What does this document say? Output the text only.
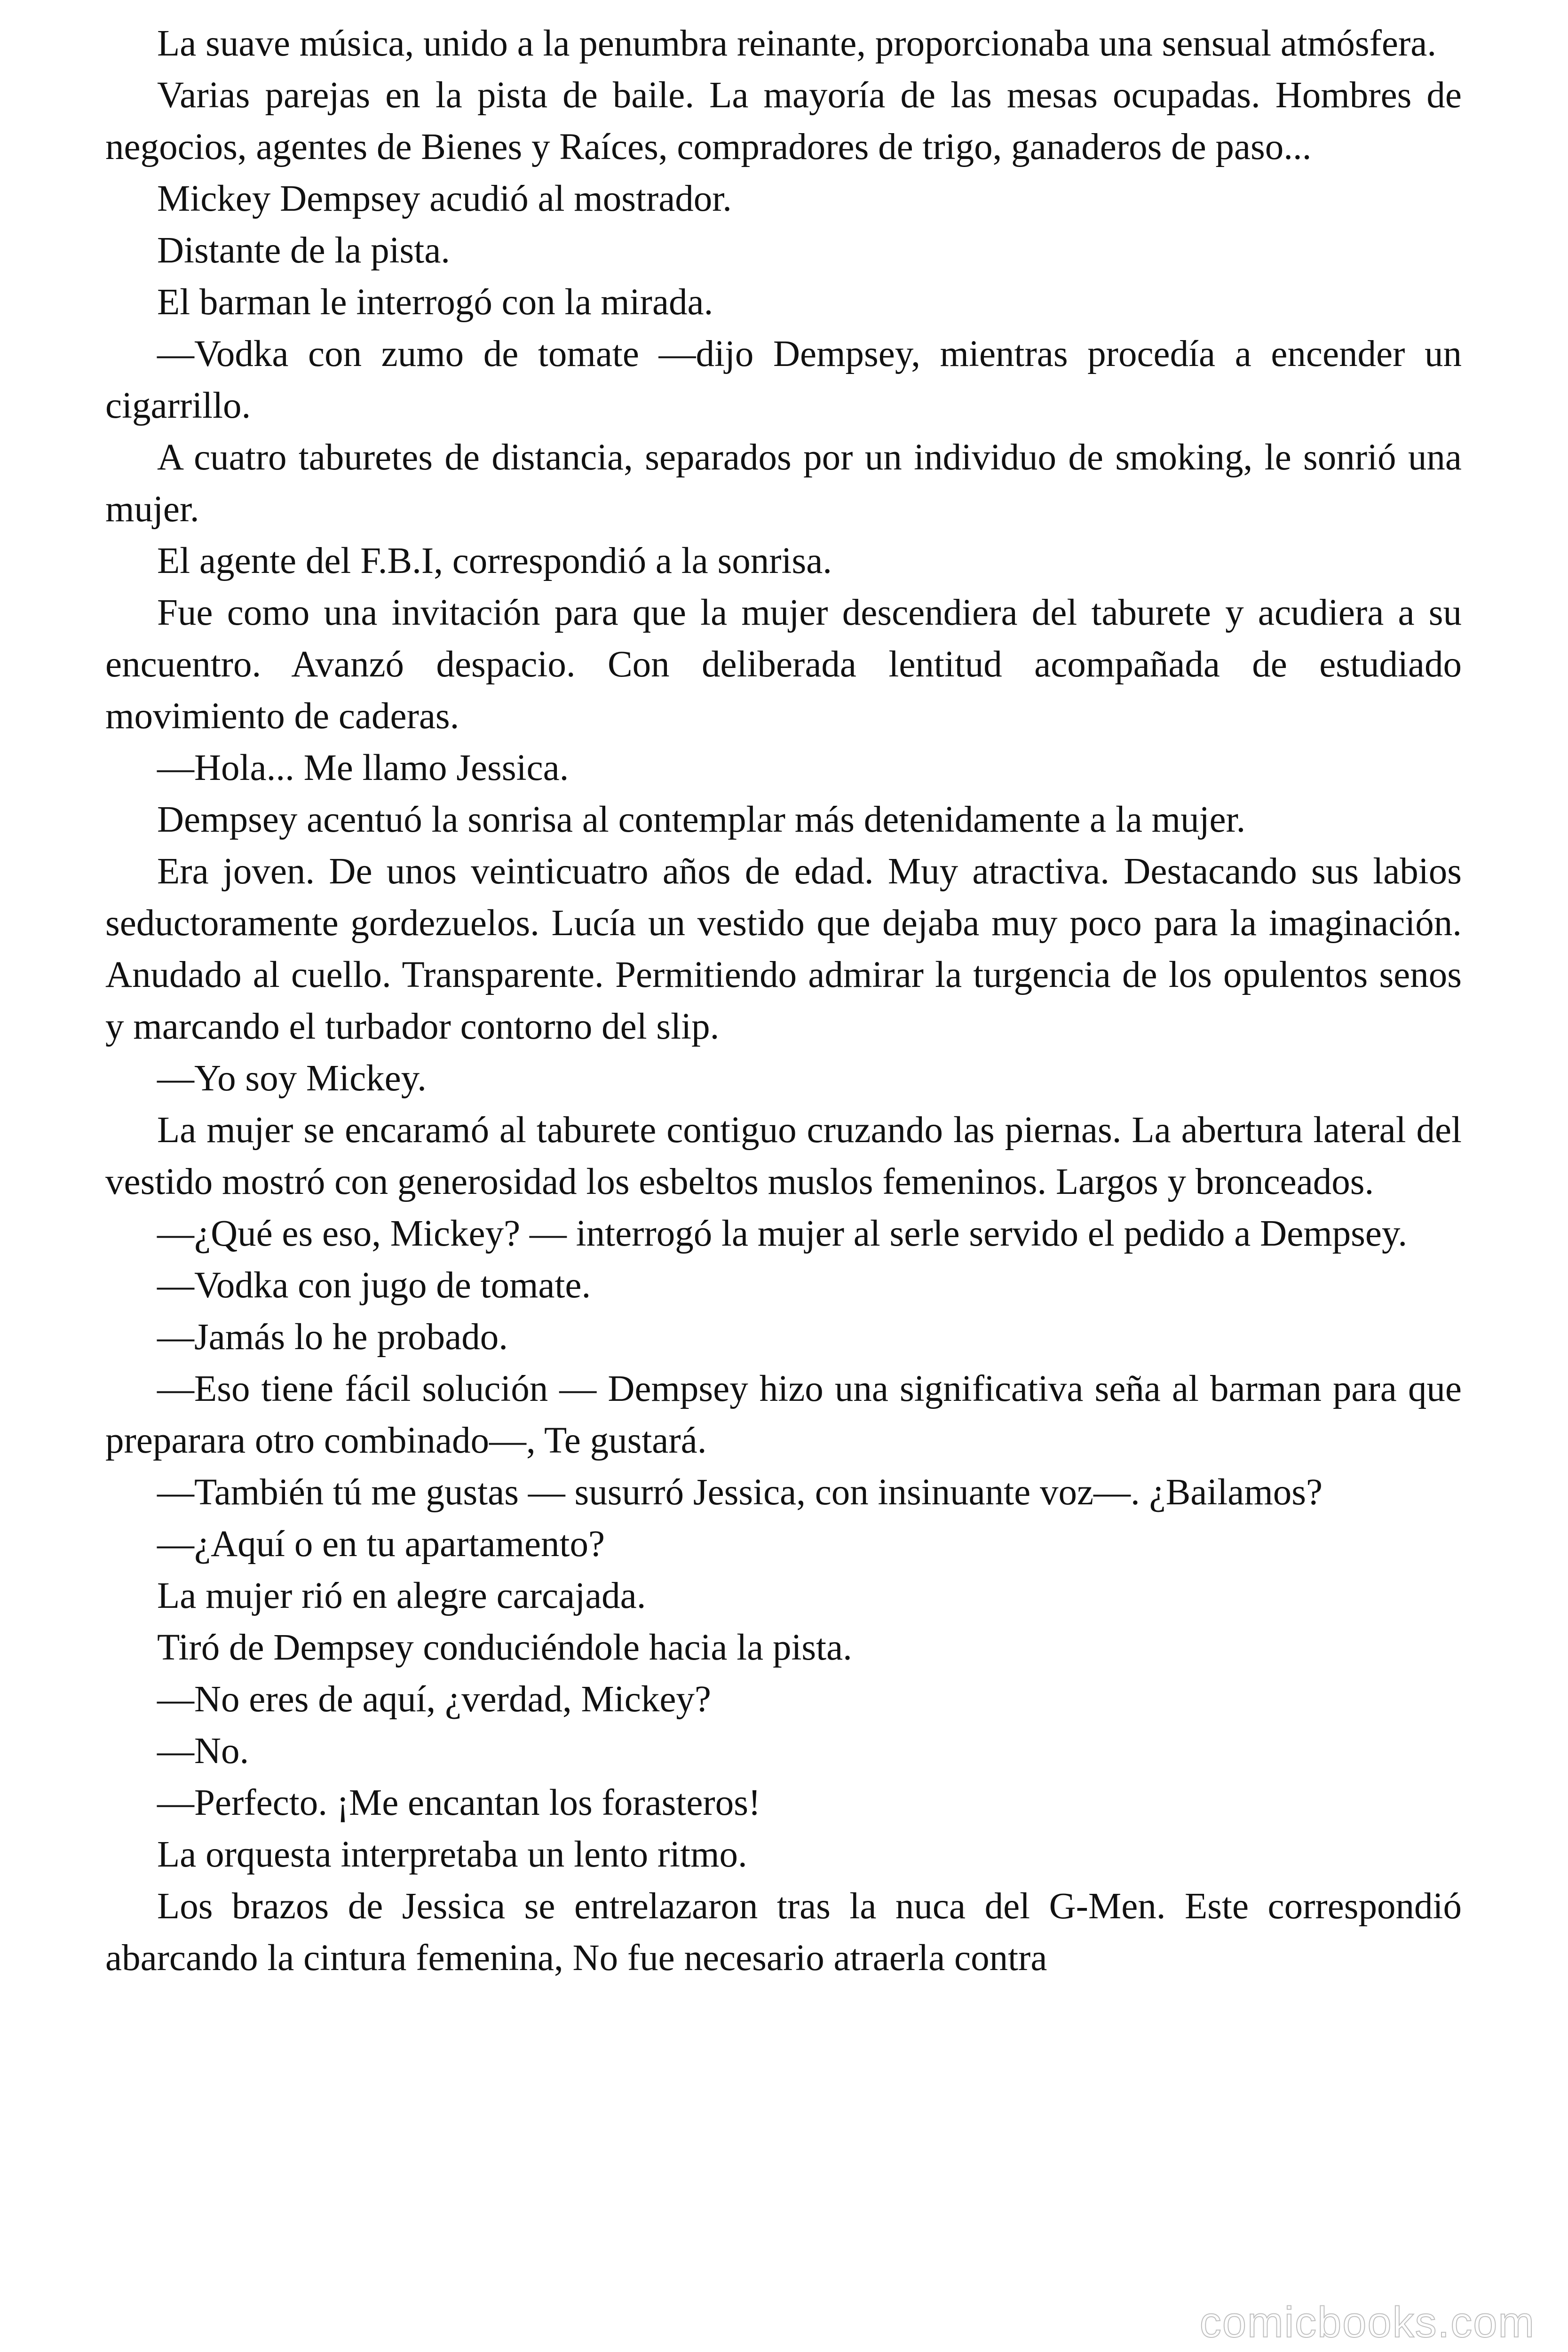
La suave música, unido a la penumbra reinante, proporcionaba una sensual atmósfera.

Varias parejas en la pista de baile. La mayoría de las mesas ocupadas. Hombres de negocios, agentes de Bienes y Raíces, compradores de trigo, ganaderos de paso...

Mickey Dempsey acudió al mostrador.

Distante de la pista.

El barman le interrogó con la mirada.

—Vodka con zumo de tomate —dijo Dempsey, mientras procedía a encender un cigarrillo.

A cuatro taburetes de distancia, separados por un individuo de smoking, le sonrió una mujer.

El agente del F.B.I, correspondió a la sonrisa.

Fue como una invitación para que la mujer descendiera del taburete y acudiera a su encuentro. Avanzó despacio. Con deliberada lentitud acompañada de estudiado movimiento de caderas.

—Hola... Me llamo Jessica.

Dempsey acentuó la sonrisa al contemplar más detenidamente a la mujer.

Era joven. De unos veinticuatro años de edad. Muy atractiva. Destacando sus labios seductoramente gordezuelos. Lucía un vestido que dejaba muy poco para la imaginación. Anudado al cuello. Transparente. Permitiendo admirar la turgencia de los opulentos senos y marcando el turbador contorno del slip.

—Yo soy Mickey.

La mujer se encaramó al taburete contiguo cruzando las piernas. La abertura lateral del vestido mostró con generosidad los esbeltos muslos femeninos. Largos y bronceados.

—¿Qué es eso, Mickey? — interrogó la mujer al serle servido el pedido a Dempsey.

—Vodka con jugo de tomate.

—Jamás lo he probado.

—Eso tiene fácil solución — Dempsey hizo una significativa seña al barman para que preparara otro combinado—, Te gustará.

—También tú me gustas — susurró Jessica, con insinuante voz—. ¿Bailamos?

—¿Aquí o en tu apartamento?

La mujer rió en alegre carcajada.

Tiró de Dempsey conduciéndole hacia la pista.

—No eres de aquí, ¿verdad, Mickey?

—No.

—Perfecto. ¡Me encantan los forasteros!

La orquesta interpretaba un lento ritmo.

Los brazos de Jessica se entrelazaron tras la nuca del G-Men. Este correspondió abarcando la cintura femenina, No fue necesario atraerla contra

comicbooks.com
